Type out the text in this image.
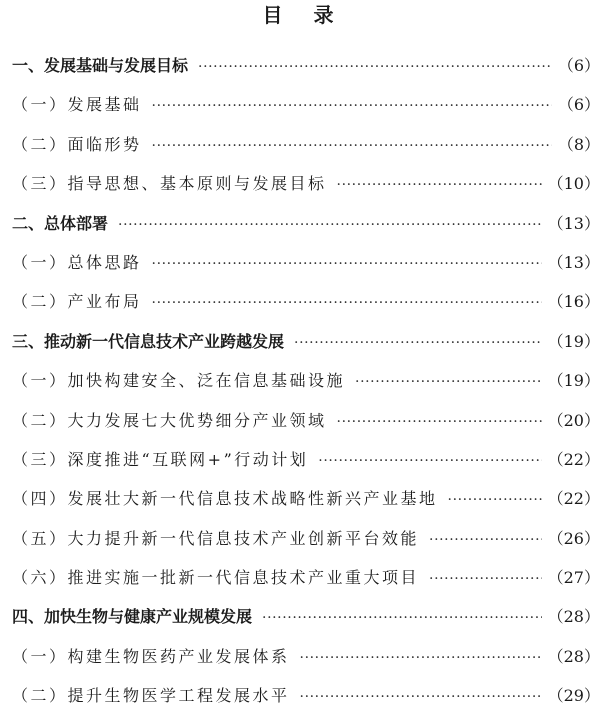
目 录
一、发展基础与发展目标 ·····	（6）
（一）发展基础 ·····	（6）
（二）面临形势 ·····	（8）
（三）指导思想、基本原则与发展目标 ·····	（10）
二、总体部署 ·····	（13）
（一）总体思路 ·····	（13）
（二）产业布局 ·····	（16）
三、推动新一代信息技术产业跨越发展 ·····	（19）
（一）加快构建安全、泛在信息基础设施 ·····	（19）
（二）大力发展七大优势细分产业领域 ·····	（20）
（三）深度推进“互联网+”行动计划 ·····	（22）
（四）发展壮大新一代信息技术战略性新兴产业基地 ·····	（22）
（五）大力提升新一代信息技术产业创新平台效能 ·····	（26）
（六）推进实施一批新一代信息技术产业重大项目 ·····	（27）
四、加快生物与健康产业规模发展 ·····	（28）
（一）构建生物医药产业发展体系 ·····	（28）
（二）提升生物医学工程发展水平 ·····	（29）
